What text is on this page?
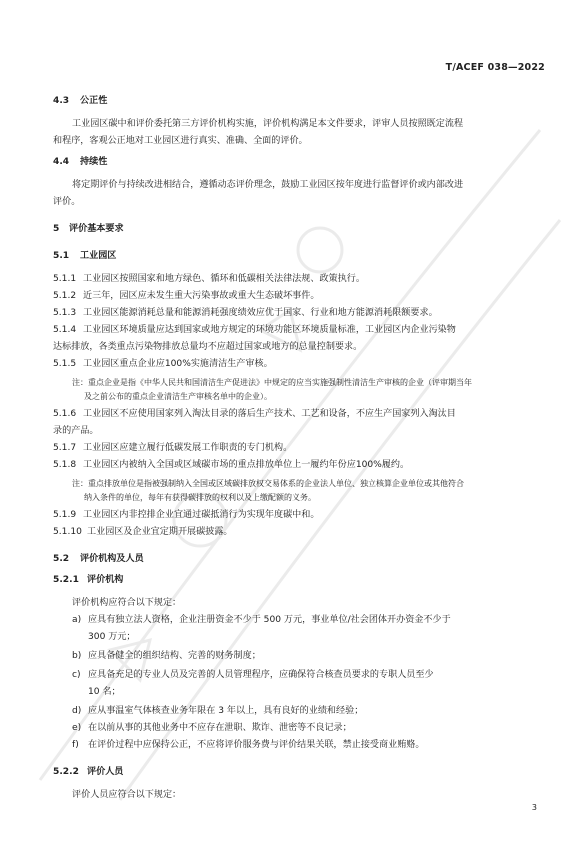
T/ACEF 038—2022
4.3 公正性
工业园区碳中和评价委托第三方评价机构实施，评价机构满足本文件要求，评审人员按照既定流程
和程序，客观公正地对工业园区进行真实、准确、全面的评价。
4.4 持续性
将定期评价与持续改进相结合，遵循动态评价理念，鼓励工业园区按年度进行监督评价或内部改进
评价。
5 评价基本要求
5.1 工业园区
5.1.1 工业园区按照国家和地方绿色、循环和低碳相关法律法规、政策执行。
5.1.2 近三年，园区应未发生重大污染事故或重大生态破坏事件。
5.1.3 工业园区能源消耗总量和能源消耗强度绩效应优于国家、行业和地方能源消耗限额要求。
5.1.4 工业园区环境质量应达到国家或地方规定的环境功能区环境质量标准，工业园区内企业污染物
达标排放，各类重点污染物排放总量均不应超过国家或地方的总量控制要求。
5.1.5 工业园区重点企业应100%实施清洁生产审核。
注：重点企业是指《中华人民共和国清洁生产促进法》中规定的应当实施强制性清洁生产审核的企业（评审期当年
及之前公布的重点企业清洁生产审核名单中的企业）。
5.1.6 工业园区不应使用国家列入淘汰目录的落后生产技术、工艺和设备，不应生产国家列入淘汰目
录的产品。
5.1.7 工业园区应建立履行低碳发展工作职责的专门机构。
5.1.8 工业园区内被纳入全国或区域碳市场的重点排放单位上一履约年份应100%履约。
注：重点排放单位是指被强制纳入全国或区域碳排放权交易体系的企业法人单位、独立核算企业单位或其他符合
纳入条件的单位，每年有获得碳排放的权利以及上缴配额的义务。
5.1.9 工业园区内非控排企业宜通过碳抵消行为实现年度碳中和。
5.1.10 工业园区及企业宜定期开展碳披露。
5.2 评价机构及人员
5.2.1 评价机构
评价机构应符合以下规定：
a) 应具有独立法人资格，企业注册资金不少于 500 万元，事业单位/社会团体开办资金不少于
300 万元；
b) 应具备健全的组织结构、完善的财务制度；
c) 应具备充足的专业人员及完善的人员管理程序，应确保符合核查员要求的专职人员至少
10 名；
d) 应从事温室气体核查业务年限在 3 年以上，具有良好的业绩和经验；
e) 在以前从事的其他业务中不应存在泄职、欺诈、泄密等不良记录；
f) 在评价过程中应保持公正，不应将评价服务费与评价结果关联，禁止接受商业贿赂。
5.2.2 评价人员
评价人员应符合以下规定：
3
